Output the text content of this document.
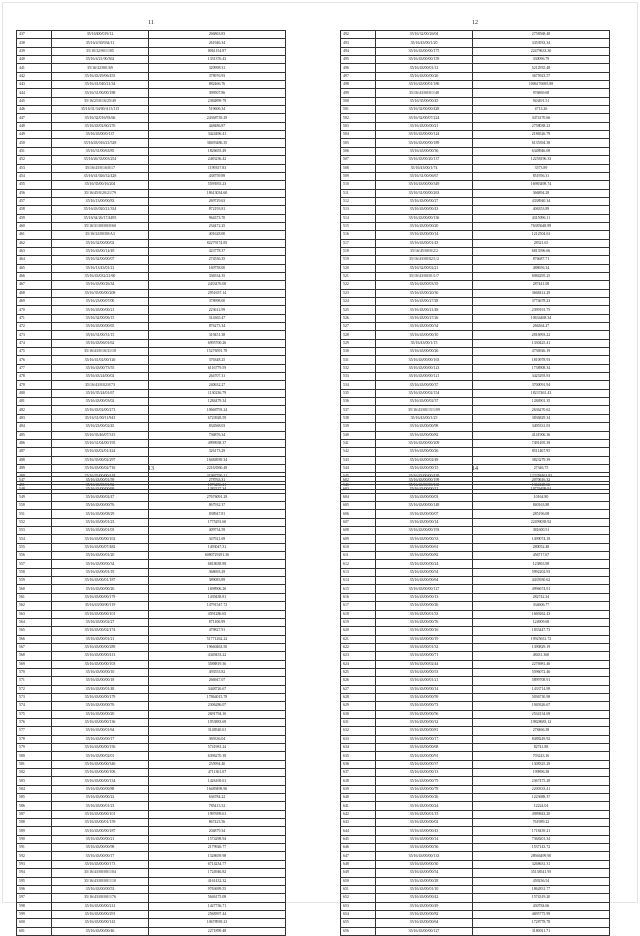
11
437	35/16300/019/12	266863.83
438	35/16/4/30/034/11	261946.34
439	35/10/32/001/185	8061154.87
440	35/16/4/21/00/362	1331376.43
441	35/16/32/001/69	320998.31
442	35/16/43/29/06/455	378976.93
443	35/16/41/040/21/34	882466.76
444	35/16/31/00/00/188	399507.86
445	35/16/25/0/16/25/49	2384899.79
446	35/16/31/34/00/A13/115	519606.34
447	35/16/32/016/93/66	24368739.29
448	35/16/43/02/60/270	448486.87
449	35/16/43/00/0/137	3424496.41
450	35/16/43/016/21/528	38493486.35
451	35/16/31/00/63/85	1826655.49
452	35/16/26/33/003/254	2483236.42
453	35/16/43/0/16/0/17	1199357.83
454	35/16/41/026/32/428	438759.89
455	35/16/35/00/16/204	5593955.23
456	35/16/45/0/20/21/79	18613034.60
457	35/16/13/00/00/83	269729.63
458	35/16/43/020/21/334	872193.81
459	35/16/34/26/17/4495	964373.70
460	35/16/31/00/00/0/60	234472.25
461	35/16/32/00/00/A3	401628.00
462	35/16/32/00/00/02	82279174.85
463	35/16/43/00/14/49	423778.37
464	35/16/32/00/00/07	274536.35
465	35/16/13/43/01/21	169758.00
466	35/16/43/032/21/60	336534.35
467	35/16/43/00/26/34	2433476.00
468	35/16/35/00/00/208	2951657.14
469	35/16/23/00/07/00	378998.00
470	35/16/43/00/00/21	223612.99
471	35/16/32/00/06/15	314365.47
472	35/16/43/00/00/65	876273.34
473	35/16/31/00/31/15	319451.38
474	35/16/43/06/01/62	6995700.26
475	35/16/43/0/16/31/18	15276591.78
476	35/16/41/02/00/126	376348.25
477	35/16/43/00/73/55	6116779.59
478	35/16/43/24/00/02	264707.31
479	35/16/43/0/02/0/73	240632.27
480	35/16/35/24/01/67	1130236.79
481	35/16/43/00/03/02	1284479.34
482	35/16/43/02/00/273	10668793.24
483	35/16/31/00/11/943	6723928.59
484	35/16/23/00/02/45	834568.03
485	35/16/35/46/07/315	736876.34
486	35/16/31/04/00/195	4999938.37
487	35/16/43/02/01/424	326173.29
488	35/16/35/00/02/297	16484939.34
489	35/16/43/00/02/716	22163560.49
490	35/16/35/00/00/418	31997750.21
491	35/16/43/00/01/82	1076456.21
12
492	35/16/32/00/26/04	2758568.48
493	35/16/43/00/1/20	3353933.34
494	35/16/43/00/00/175	22479633.30
495	35/16/43/00/00/159	330096.79
496	35/16/43/00/01/12	5212935.48
497	35/16/43/00/00/26	3675923.57
498	35/16/43/00/01/186	1006176695.88
499	35/16/43/00/0/1/48	976869.68
500	35/16/35/00/00/45	943491.51
501	35/16/32/00/00/428	4713.26
502	35/16/32/00/07/224	3474170.66
503	35/16/43/00/00/21	2758038.23
504	35/16/43/00/00/124	2186526.79
505	35/16/43/00/00/189	6135394.38
506	35/16/43/00/00/36	6348946.08
507	35/16/43/00/20/137	12258196.33
508	35/16/43/00/1/74	3573.89
509	35/16/31/00/06/67	851956.31
510	35/16/43/00/00/349	16983498.74
511	35/16/31/00/00/263	366894.28
512	35/16/43/00/00/27	4338940.34
513	35/16/43/00/00/43	406353.89
514	35/16/43/00/00/136	4315096.11
515	35/16/43/00/00/20	76383648.89
516	35/16/43/00/00/14	1212504.63
517	35/16/43/00/01/43	28321.65
518	35/16/45/00/0/2/2	6813596.66
519	35/16/43/00/02/1/2	876687.71
520	35/16/32/00/02/21	488656.34
521	35/16/43/00/01/1/7	6984295.25
522	35/16/43/00/03/35	287441.08
523	35/16/43/00/20/30	3668412.29
524	35/16/43/00/27/28	3774678.23
525	35/16/43/00/21/48	2399191.75
526	35/16/43/00/27/26	10634468.34
527	35/16/43/00/00/34	266364.27
528	35/16/43/00/00/10	2816993.22
529	35/16/43/00/1/15	1330425.41
530	35/16/43/00/00/26	4736926.19
531	35/16/43/00/00/163	1810978.93
532	35/16/43/00/00/123	1738908.34
533	35/16/43/00/00/121	3425293.93
534	35/16/43/00/00/37	3700091.94
535	35/16/43/00/02/154	18237461.43
536	35/16/43/00/02/37	1284901.35
537	35/16/43/00/15/1/09	2636270.62
538	35/16/43/00/1/25	3836829.34
539	35/16/43/00/00/98	3495331.03
540	35/16/43/00/00/82	4141906.36
541	35/16/43/00/00/209	7491495.39
542	35/16/43/00/00/26	8511467.95
543	35/16/43/00/02/49	3823279.39
544	35/16/43/00/00/15	27346.75
545	35/16/43/00/00/439	122258463.83
546	35/16/43/00/00/165	1364128.66
13
547	35/16/43/00/01/59	278763.31
548	35/16/43/00/00/69	1282227.34
549	35/16/43/00/02/47	27676091.29
550	35/16/43/00/00/76	867932.37
551	35/16/43/00/08/29	838947.81
552	35/16/43/00/01/23	1775291.60
553	35/16/43/00/01/03	409734.59
554	35/16/43/00/00/102	347921.69
555	35/16/43/00/07/482	1493047.31
556	35/16/43/00/01/20	6080729291.36
557	35/16/43/00/00/34	6818638.89
558	35/16/43/00/01/19	368693.29
559	35/16/43/00/01/187	389083.89
560	35/16/43/00/00/26	1698906.26
561	35/16/43/00/00/179	1439438.81
562	35/16/43/00/00/119	14791547.72
563	35/16/43/00/00/101	4591286.65
564	35/16/43/00/02/27	871106.99
565	35/16/43/00/02/174	479827.91
566	35/16/43/00/01/21	51771262.22
567	35/16/43/00/00/289	19660463.50
568	35/16/43/00/00/413	4349453.22
569	35/16/43/00/00/103	3588819.36
570	35/16/43/00/00/10	493553.82
571	35/16/43/00/00/18	266947.07
572	35/16/43/00/01/48	3448726.67
573	35/16/43/00/00/179	17864015.78
574	35/16/43/00/00/76	2306286.07
575	35/16/43/00/00/20	2691794.16
576	35/16/43/00/00/136	1953883.69
577	35/16/43/00/01/64	3148540.61
578	35/16/43/00/00/17	369336.04
579	35/16/43/00/00/156	5741981.24
580	35/16/43/00/02/01	6396270.39
581	35/16/43/00/00/346	255994.40
582	35/16/43/00/00/106	4711361.07
583	35/16/43/00/00/134	1426169.61
584	35/16/43/00/00/88	16489498.96
585	35/16/43/00/00/22	636784.22
586	35/16/43/00/01/23	785413.52
587	35/16/43/00/00/101	1997699.61
588	35/16/43/00/01/159	867423.56
589	35/16/43/00/00/187	204879.34
590	35/16/43/00/00/21	1574298.94
591	35/16/43/00/00/98	2179926.77
592	35/16/43/00/00/17	1328659.98
593	35/16/43/00/00/173	6714234.77
594	35/16/43/00/00/1/04	1724946.82
595	35/16/43/00/00/1/10	4161432.32
596	35/16/43/00/00/53	9763699.55
597	35/16/43/00/00/1/76	5646175.08
598	35/16/43/00/00/212	1427736.71
599	35/16/43/00/00/291	2568397.44
600	35/16/43/00/00/143	10678939.23
601	35/16/43/00/00/46	2271899.48
14
602	35/16/43/00/00/199	2070616.32
603	35/16/43/00/00/12	19776499.91
604	35/16/43/00/00/03	10164.80
605	35/16/43/00/00/148	840163.88
606	35/16/43/00/00/07	285196.08
607	35/16/43/00/00/14	22499038.92
608	35/16/43/00/00/193	381600.51
609	35/16/43/00/00/33	1499074.18
610	35/16/43/00/00/61	280052.48
611	35/16/43/00/00/82	456717.67
612	35/16/43/00/00/24	123863.98
613	35/16/43/00/00/54	5992202.93
614	35/16/43/00/00/64	4435930.62
615	35/16/43/00/00/127	4996674.91
616	35/16/43/00/00/13	282742.34
617	35/16/43/00/00/26	334606.77
618	35/16/43/00/01/33	1669262.43
619	35/16/43/00/00/76	124909.68
620	35/16/43/00/00/16	1833447.73
621	35/16/43/00/00/19	19925631.72
622	35/16/43/00/01/32	1390829.19
623	35/16/43/00/00/71	48431.360
624	35/16/43/00/02/44	2276981.46
625	35/16/43/00/00/53	5596072.46
626	35/16/43/00/01/21	5899708.91
627	35/16/43/00/00/14	1433714.98
628	35/16/43/00/00/59	5036730.98
629	35/16/43/00/00/73	1949326.67
630	35/16/43/00/00/56	2534134.69
631	35/16/43/00/00/12	19828683.12
632	35/16/43/00/00/81	278466.38
633	35/16/43/00/00/17	8488249.92
634	35/16/43/00/00/68	82741.88
635	35/16/43/00/00/91	703243.16
636	35/16/43/00/00/37	1308325.29
637	35/16/43/00/00/13	199896.38
638	35/16/43/00/00/75	2367475.28
639	35/16/43/00/00/78	2200333.41
640	35/16/43/00/00/26	1223688.37
641	35/16/43/00/00/24	12224.04
642	35/16/43/00/01/15	4989843.20
643	35/16/43/00/00/02	761989.22
644	35/16/43/00/00/43	1718439.21
645	35/16/43/00/00/14	7368201.34
646	35/16/43/00/00/36	1537143.72
647	35/16/43/00/00/133	28946499.90
648	35/16/43/00/00/30	3268631.31
649	35/16/43/00/00/54	35138541.95
650	35/16/43/00/00/28	459236.54
651	35/16/43/00/01/10	1862831.77
652	35/16/43/00/00/42	1574319.20
653	35/16/43/00/00/49	430784.66
654	35/16/43/00/00/82	4695775.99
655	35/16/43/00/00/64	1728778.78
656	35/16/43/00/00/127	3180011.71
